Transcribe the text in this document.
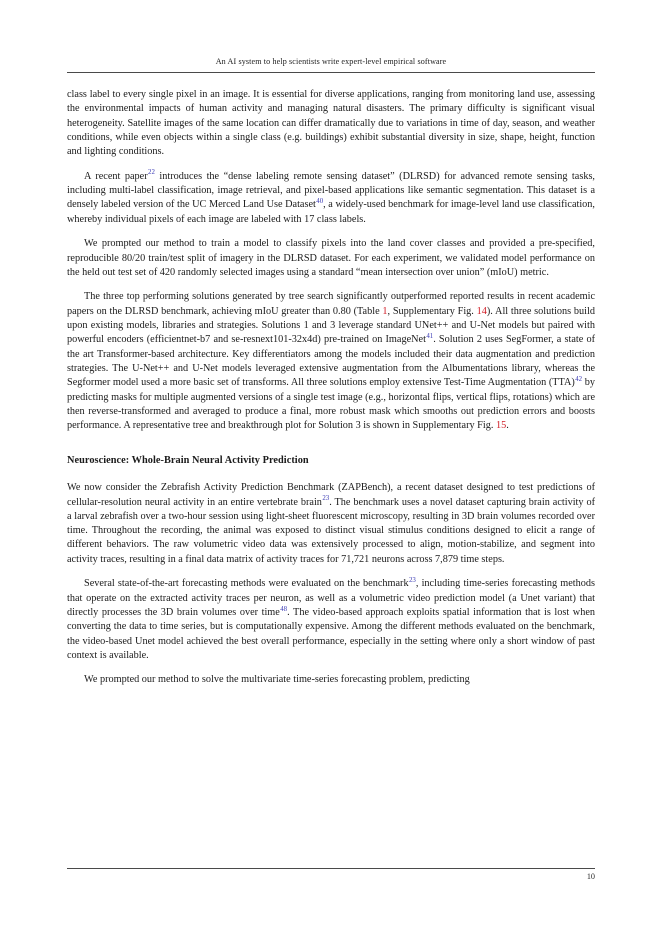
An AI system to help scientists write expert-level empirical software

class label to every single pixel in an image. It is essential for diverse applications, ranging from monitoring land use, assessing the environmental impacts of human activity and managing natural disasters. The primary difficulty is significant visual heterogeneity. Satellite images of the same location can differ dramatically due to variations in time of day, season, and weather conditions, while even objects within a single class (e.g. buildings) exhibit substantial diversity in size, shape, height, function and lighting conditions.

A recent paper$^{22}$ introduces the “dense labeling remote sensing dataset” (DLRSD) for advanced remote sensing tasks, including multi-label classification, image retrieval, and pixel-based applications like semantic segmentation. This dataset is a densely labeled version of the UC Merced Land Use Dataset$^{40}$, a widely-used benchmark for image-level land use classification, whereby individual pixels of each image are labeled with 17 class labels.

We prompted our method to train a model to classify pixels into the land cover classes and provided a pre-specified, reproducible 80/20 train/test split of imagery in the DLRSD dataset. For each experiment, we validated model performance on the held out test set of 420 randomly selected images using a standard “mean intersection over union” (mIoU) metric.

The three top performing solutions generated by tree search significantly outperformed reported results in recent academic papers on the DLRSD benchmark, achieving mIoU greater than 0.80 (Table 1, Supplementary Fig. 14). All three solutions build upon existing models, libraries and strategies. Solutions 1 and 3 leverage standard UNet++ and U-Net models but paired with powerful encoders (efficientnet-b7 and se-resnext101-32x4d) pre-trained on ImageNet$^{41}$. Solution 2 uses SegFormer, a state of the art Transformer-based architecture. Key differentiators among the models included their data augmentation and prediction strategies. The U-Net++ and U-Net models leveraged extensive augmentation from the Albumentations library, whereas the Segformer model used a more basic set of transforms. All three solutions employ extensive Test-Time Augmentation (TTA)$^{42}$ by predicting masks for multiple augmented versions of a single test image (e.g., horizontal flips, vertical flips, rotations) which are then reverse-transformed and averaged to produce a final, more robust mask which smooths out prediction errors and boosts performance. A representative tree and breakthrough plot for Solution 3 is shown in Supplementary Fig. 15.

Neuroscience: Whole-Brain Neural Activity Prediction

We now consider the Zebrafish Activity Prediction Benchmark (ZAPBench), a recent dataset designed to test predictions of cellular-resolution neural activity in an entire vertebrate brain$^{23}$. The benchmark uses a novel dataset capturing brain activity of a larval zebrafish over a two-hour session using light-sheet fluorescent microscopy, resulting in 3D brain volumes recorded over time. Throughout the recording, the animal was exposed to distinct visual stimulus conditions designed to elicit a range of different behaviors. The raw volumetric video data was extensively processed to align, motion-stabilize, and segment into activity traces, resulting in a final data matrix of activity traces for 71,721 neurons across 7,879 time steps.

Several state-of-the-art forecasting methods were evaluated on the benchmark$^{23}$, including time-series forecasting methods that operate on the extracted activity traces per neuron, as well as a volumetric video prediction model (a Unet variant) that directly processes the 3D brain volumes over time$^{48}$. The video-based approach exploits spatial information that is lost when converting the data to time series, but is computationally expensive. Among the different methods evaluated on the benchmark, the video-based Unet model achieved the best overall performance, especially in the setting where only a short window of past context is available.

We prompted our method to solve the multivariate time-series forecasting problem, predicting

10
